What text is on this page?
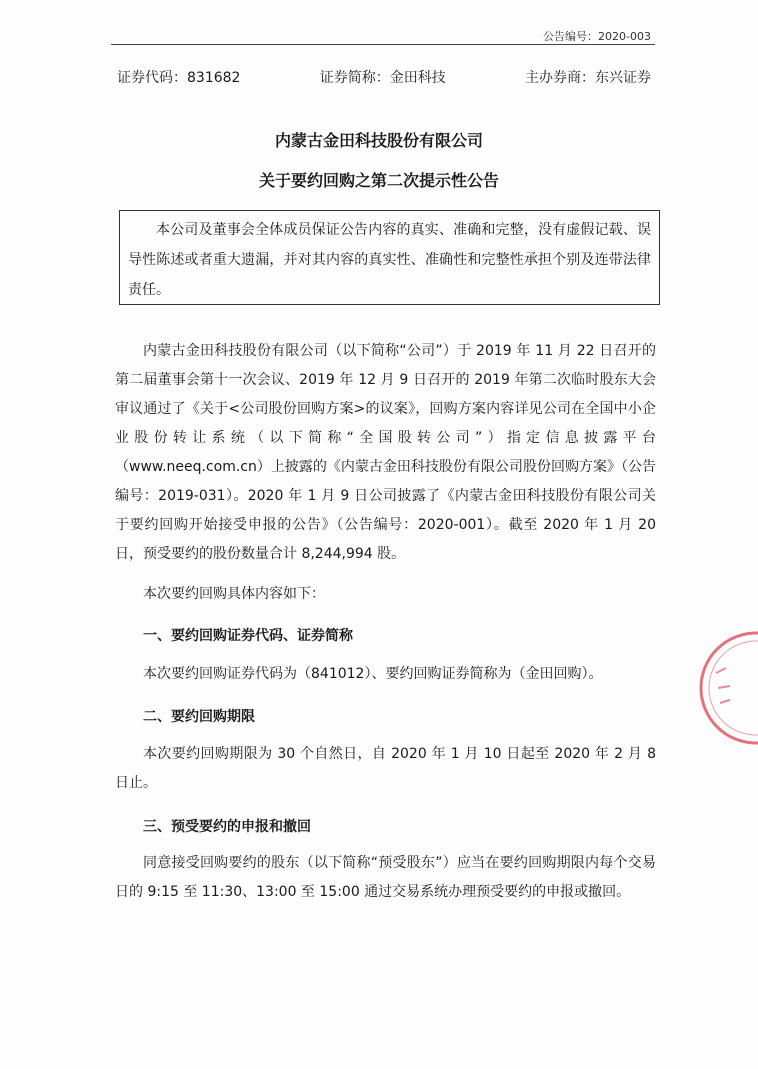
公告编号：2020-003
证券代码：831682	证券简称：金田科技	主办券商：东兴证券
内蒙古金田科技股份有限公司
关于要约回购之第二次提示性公告
本公司及董事会全体成员保证公告内容的真实、准确和完整，没有虚假记载、误导性陈述或者重大遗漏，并对其内容的真实性、准确性和完整性承担个别及连带法律责任。

内蒙古金田科技股份有限公司（以下简称“公司”）于 2019 年 11 月 22 日召开的第二届董事会第十一次会议、2019 年 12 月 9 日召开的 2019 年第二次临时股东大会审议通过了《关于<公司股份回购方案>的议案》，回购方案内容详见公司在全国中小企业股份转让系统（以下简称“全国股转公司”）指定信息披露平台（www.neeq.com.cn）上披露的《内蒙古金田科技股份有限公司股份回购方案》（公告编号：2019-031）。2020 年 1 月 9 日公司披露了《内蒙古金田科技股份有限公司关于要约回购开始接受申报的公告》（公告编号：2020-001）。截至 2020 年 1 月 20 日，预受要约的股份数量合计 8,244,994 股。

本次要约回购具体内容如下：

一、要约回购证券代码、证券简称

本次要约回购证券代码为（841012）、要约回购证券简称为（金田回购）。

二、要约回购期限

本次要约回购期限为 30 个自然日，自 2020 年 1 月 10 日起至 2020 年 2 月 8 日止。

三、预受要约的申报和撤回

同意接受回购要约的股东（以下简称“预受股东”）应当在要约回购期限内每个交易日的 9:15 至 11:30、13:00 至 15:00 通过交易系统办理预受要约的申报或撤回。
